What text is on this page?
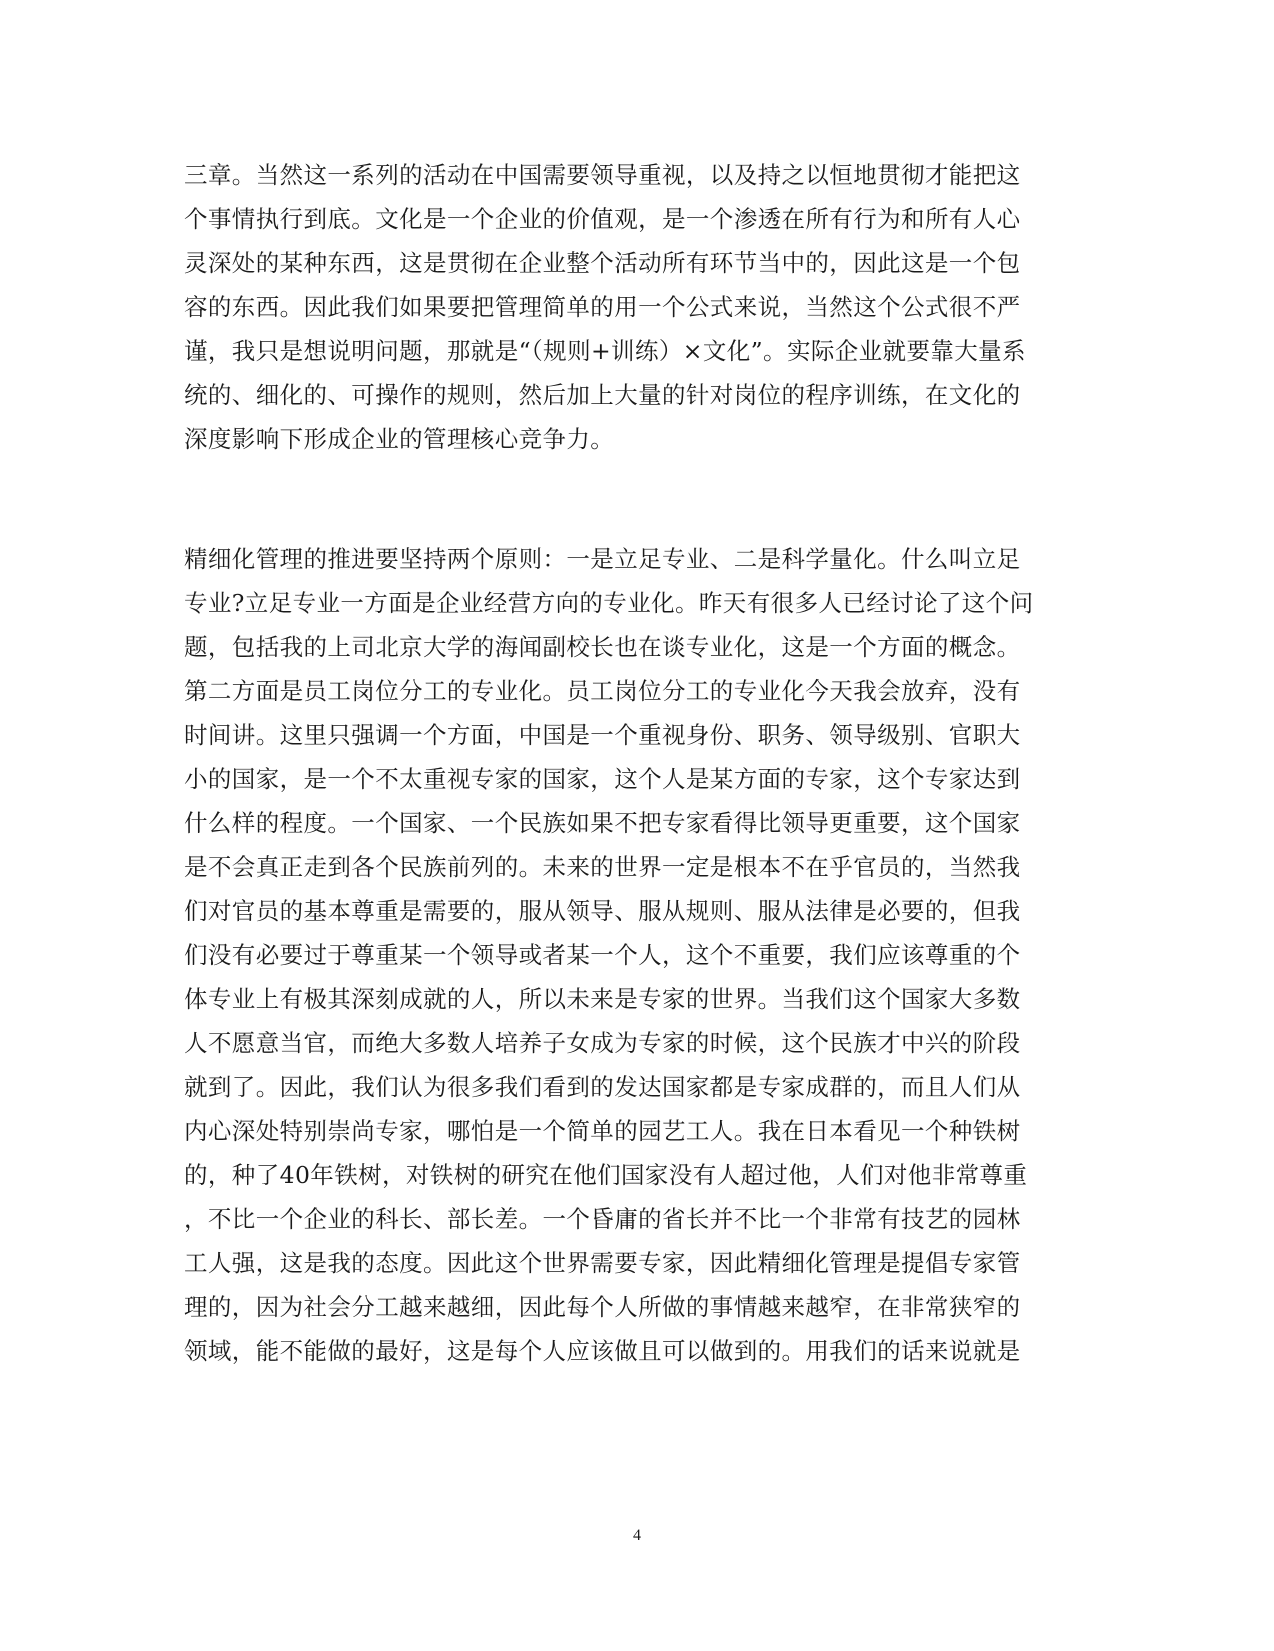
三章。当然这一系列的活动在中国需要领导重视，以及持之以恒地贯彻才能把这
个事情执行到底。文化是一个企业的价值观，是一个渗透在所有行为和所有人心
灵深处的某种东西，这是贯彻在企业整个活动所有环节当中的，因此这是一个包
容的东西。因此我们如果要把管理简单的用一个公式来说，当然这个公式很不严
谨，我只是想说明问题，那就是“（规则+训练）×文化”。实际企业就要靠大量系
统的、细化的、可操作的规则，然后加上大量的针对岗位的程序训练，在文化的
深度影响下形成企业的管理核心竞争力。
精细化管理的推进要坚持两个原则：一是立足专业、二是科学量化。什么叫立足
专业?立足专业一方面是企业经营方向的专业化。昨天有很多人已经讨论了这个问
题，包括我的上司北京大学的海闻副校长也在谈专业化，这是一个方面的概念。
第二方面是员工岗位分工的专业化。员工岗位分工的专业化今天我会放弃，没有
时间讲。这里只强调一个方面，中国是一个重视身份、职务、领导级别、官职大
小的国家，是一个不太重视专家的国家，这个人是某方面的专家，这个专家达到
什么样的程度。一个国家、一个民族如果不把专家看得比领导更重要，这个国家
是不会真正走到各个民族前列的。未来的世界一定是根本不在乎官员的，当然我
们对官员的基本尊重是需要的，服从领导、服从规则、服从法律是必要的，但我
们没有必要过于尊重某一个领导或者某一个人，这个不重要，我们应该尊重的个
体专业上有极其深刻成就的人，所以未来是专家的世界。当我们这个国家大多数
人不愿意当官，而绝大多数人培养子女成为专家的时候，这个民族才中兴的阶段
就到了。因此，我们认为很多我们看到的发达国家都是专家成群的，而且人们从
内心深处特别崇尚专家，哪怕是一个简单的园艺工人。我在日本看见一个种铁树
的，种了40年铁树，对铁树的研究在他们国家没有人超过他，人们对他非常尊重
，不比一个企业的科长、部长差。一个昏庸的省长并不比一个非常有技艺的园林
工人强，这是我的态度。因此这个世界需要专家，因此精细化管理是提倡专家管
理的，因为社会分工越来越细，因此每个人所做的事情越来越窄，在非常狭窄的
领域，能不能做的最好，这是每个人应该做且可以做到的。用我们的话来说就是
4
